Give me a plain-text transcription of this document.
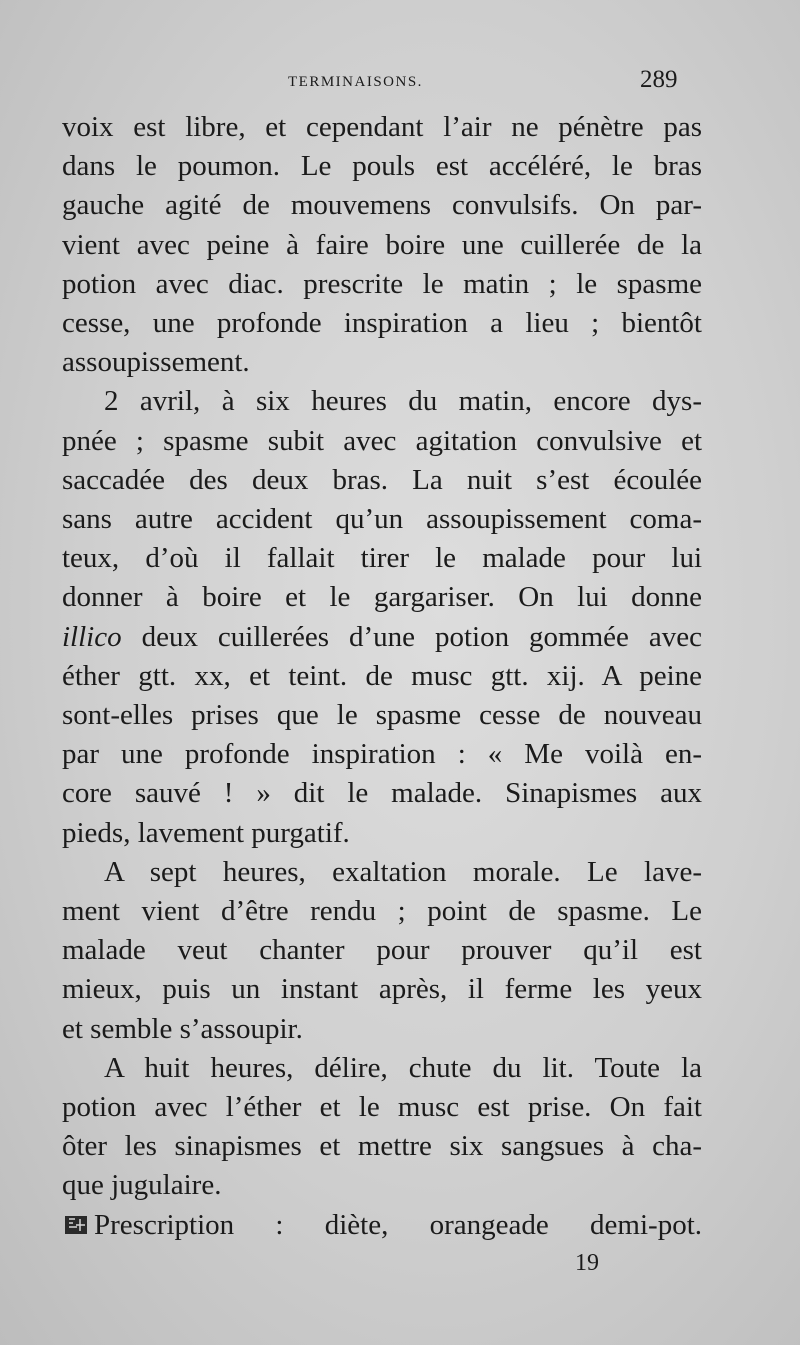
TERMINAISONS.	289
voix est libre, et cependant l’air ne pénètre pas
dans le poumon. Le pouls est accéléré, le bras
gauche agité de mouvemens convulsifs. On par-
vient avec peine à faire boire une cuillerée de la
potion avec diac. prescrite le matin ; le spasme
cesse, une profonde inspiration a lieu ; bientôt
assoupissement.
2 avril, à six heures du matin, encore dys-
pnée ; spasme subit avec agitation convulsive et
saccadée des deux bras. La nuit s’est écoulée
sans autre accident qu’un assoupissement coma-
teux, d’où il fallait tirer le malade pour lui
donner à boire et le gargariser. On lui donne
illico deux cuillerées d’une potion gommée avec
éther gtt. xx, et teint. de musc gtt. xij. A peine
sont-elles prises que le spasme cesse de nouveau
par une profonde inspiration : « Me voilà en-
core sauvé ! » dit le malade. Sinapismes aux
pieds, lavement purgatif.
A sept heures, exaltation morale. Le lave-
ment vient d’être rendu ; point de spasme. Le
malade veut chanter pour prouver qu’il est
mieux, puis un instant après, il ferme les yeux
et semble s’assoupir.
A huit heures, délire, chute du lit. Toute la
potion avec l’éther et le musc est prise. On fait
ôter les sinapismes et mettre six sangsues à cha-
que jugulaire.
Prescription : diète, orangeade demi-pot.
19
